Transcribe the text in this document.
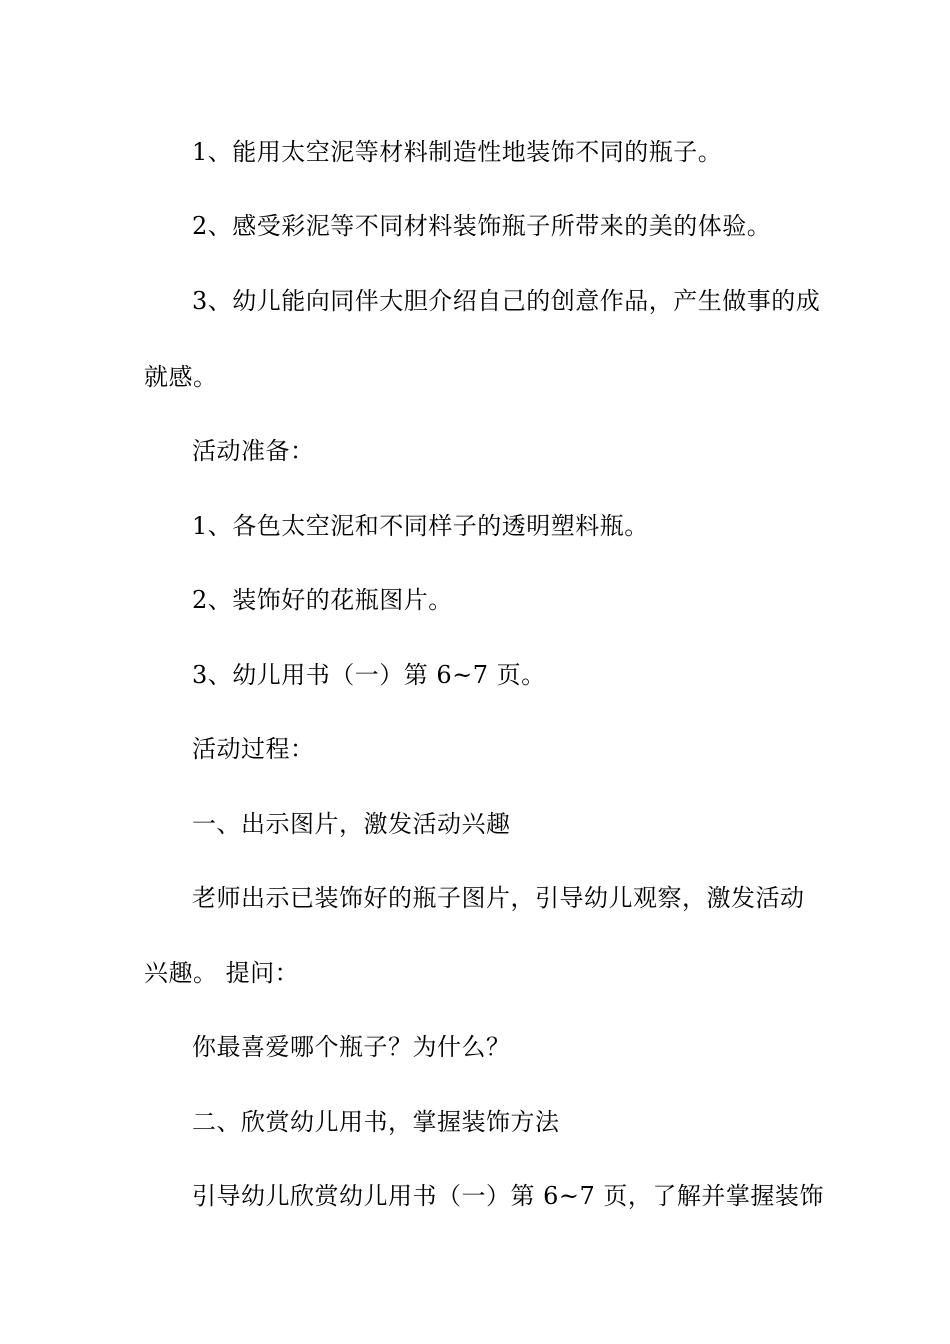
1、能用太空泥等材料制造性地装饰不同的瓶子。
2、感受彩泥等不同材料装饰瓶子所带来的美的体验。
3、幼儿能向同伴大胆介绍自己的创意作品，产生做事的成
就感。
活动准备：
1、各色太空泥和不同样子的透明塑料瓶。
2、装饰好的花瓶图片。
3、幼儿用书（一）第 6~7 页。
活动过程：
一、出示图片，激发活动兴趣
老师出示已装饰好的瓶子图片，引导幼儿观察，激发活动
兴趣。 提问：
你最喜爱哪个瓶子？为什么？
二、欣赏幼儿用书，掌握装饰方法
引导幼儿欣赏幼儿用书（一）第 6~7 页，了解并掌握装饰
